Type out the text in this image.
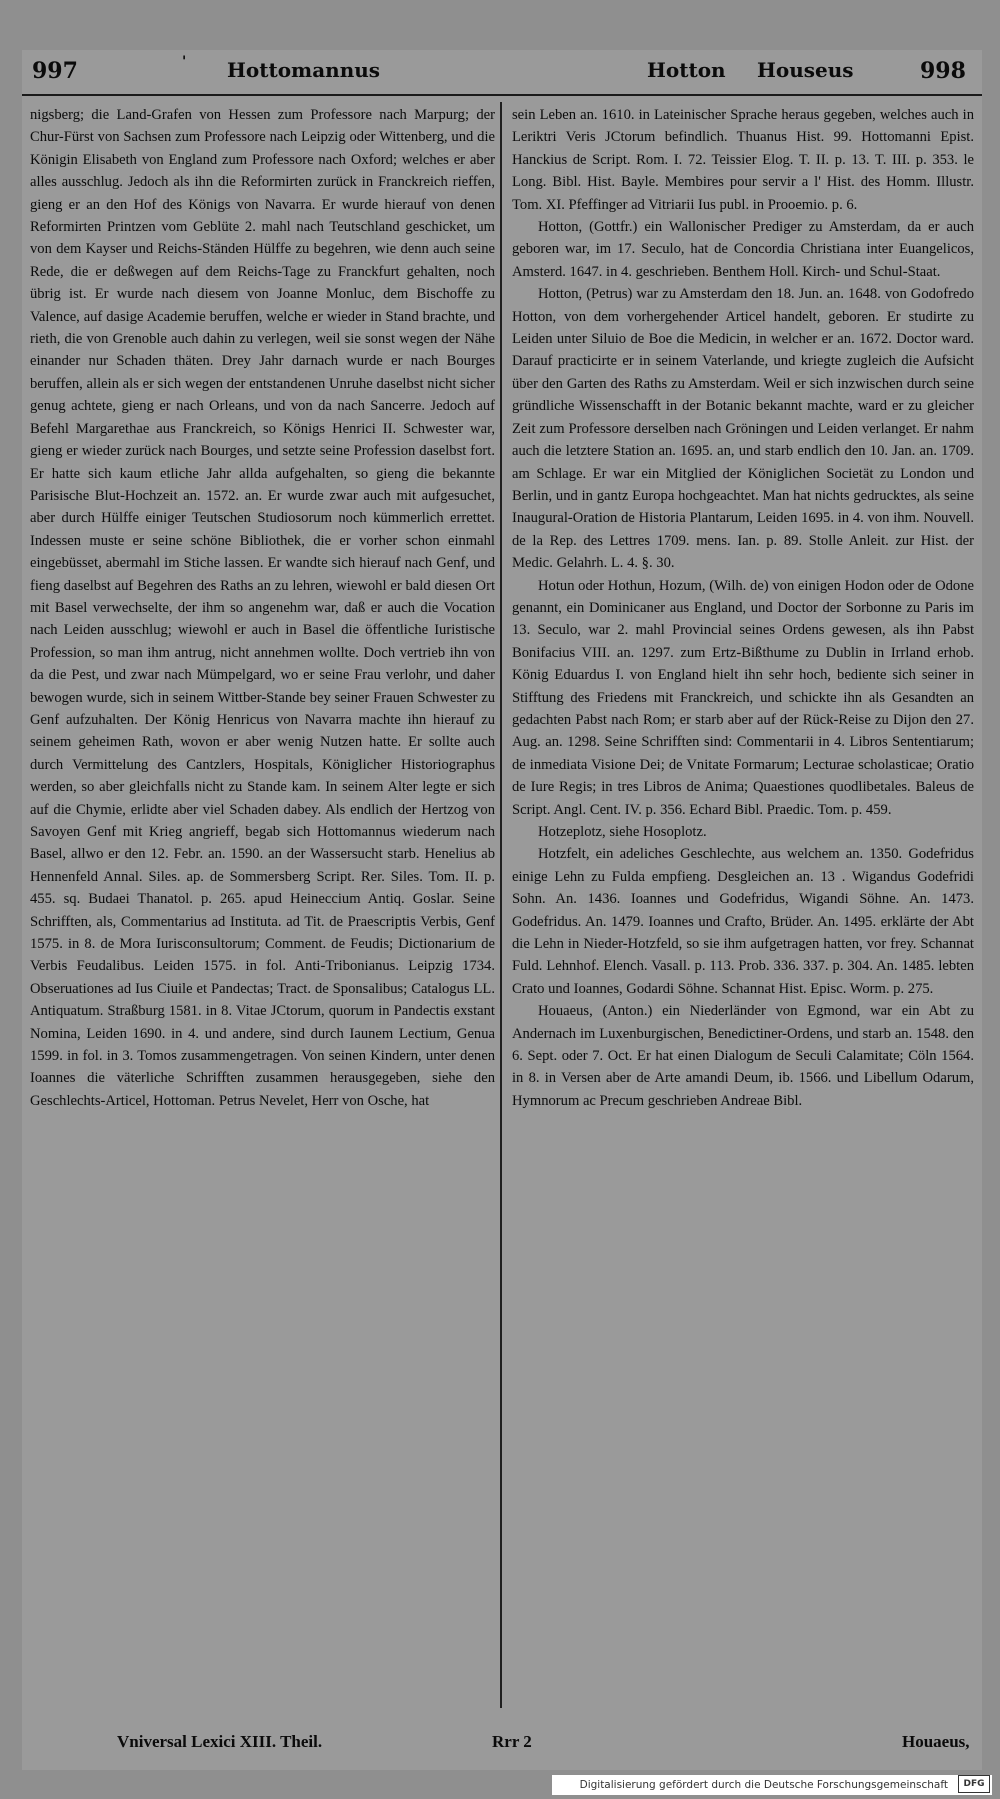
997	' Hottomannus	Hotton Houseus	998

nigsberg; die Land-Grafen von Hessen zum Professore nach Marpurg; der Chur-Fürst von Sachsen zum Professore nach Leipzig oder Wittenberg, und die Königin Elisabeth von England zum Professore nach Oxford; welches er aber alles ausschlug. Jedoch als ihn die Reformirten zurück in Franckreich rieffen, gieng er an den Hof des Königs von Navarra. Er wurde hierauf von denen Reformirten Printzen vom Geblüte 2. mahl nach Teutschland geschicket, um von dem Kayser und Reichs-Ständen Hülffe zu begehren, wie denn auch seine Rede, die er deßwegen auf dem Reichs-Tage zu Franckfurt gehalten, noch übrig ist. Er wurde nach diesem von Joanne Monluc, dem Bischoffe zu Valence, auf dasige Academie beruffen, welche er wieder in Stand brachte, und rieth, die von Grenoble auch dahin zu verlegen, weil sie sonst wegen der Nähe einander nur Schaden thäten. Drey Jahr darnach wurde er nach Bourges beruffen, allein als er sich wegen der entstandenen Unruhe daselbst nicht sicher genug achtete, gieng er nach Orleans, und von da nach Sancerre. Jedoch auf Befehl Margarethae aus Franckreich, so Königs Henrici II. Schwester war, gieng er wieder zurück nach Bourges, und setzte seine Profession daselbst fort. Er hatte sich kaum etliche Jahr allda aufgehalten, so gieng die bekannte Parisische Blut-Hochzeit an. 1572. an. Er wurde zwar auch mit aufgesuchet, aber durch Hülffe einiger Teutschen Studiosorum noch kümmerlich errettet. Indessen muste er seine schöne Bibliothek, die er vorher schon einmahl eingebüsset, abermahl im Stiche lassen. Er wandte sich hierauf nach Genf, und fieng daselbst auf Begehren des Raths an zu lehren, wiewohl er bald diesen Ort mit Basel verwechselte, der ihm so angenehm war, daß er auch die Vocation nach Leiden ausschlug; wiewohl er auch in Basel die öffentliche Iuristische Profession, so man ihm antrug, nicht annehmen wollte. Doch vertrieb ihn von da die Pest, und zwar nach Mümpelgard, wo er seine Frau verlohr, und daher bewogen wurde, sich in seinem Wittber-Stande bey seiner Frauen Schwester zu Genf aufzuhalten. Der König Henricus von Navarra machte ihn hierauf zu seinem geheimen Rath, wovon er aber wenig Nutzen hatte. Er sollte auch durch Vermittelung des Cantzlers, Hospitals, Königlicher Historiographus werden, so aber gleichfalls nicht zu Stande kam. In seinem Alter legte er sich auf die Chymie, erlidte aber viel Schaden dabey. Als endlich der Hertzog von Savoyen Genf mit Krieg angrieff, begab sich Hottomannus wiederum nach Basel, allwo er den 12. Febr. an. 1590. an der Wassersucht starb. Henelius ab Hennenfeld Annal. Siles. ap. de Sommersberg Script. Rer. Siles. Tom. II. p. 455. sq. Budaei Thanatol. p. 265. apud Heineccium Antiq. Goslar. Seine Schrifften, als, Commentarius ad Instituta. ad Tit. de Praescriptis Verbis, Genf 1575. in 8. de Mora Iurisconsultorum; Comment. de Feudis; Dictionarium de Verbis Feudalibus. Leiden 1575. in fol. Anti-Tribonianus. Leipzig 1734. Obseruationes ad Ius Ciuile et Pandectas; Tract. de Sponsalibus; Catalogus LL. Antiquatum. Straßburg 1581. in 8. Vitae JCtorum, quorum in Pandectis exstant Nomina, Leiden 1690. in 4. und andere, sind durch Iaunem Lectium, Genua 1599. in fol. in 3. Tomos zusammengetragen. Von seinen Kindern, unter denen Ioannes die väterliche Schrifften zusammen herausgegeben, siehe den Geschlechts-Articel, Hottoman. Petrus Nevelet, Herr von Osche, hat

sein Leben an. 1610. in Lateinischer Sprache heraus gegeben, welches auch in Leriktri Veris JCtorum befindlich. Thuanus Hist. 99. Hottomanni Epist. Hanckius de Script. Rom. I. 72. Teissier Elog. T. II. p. 13. T. III. p. 353. le Long. Bibl. Hist. Bayle. Membires pour servir a l' Hist. des Homm. Illustr. Tom. XI. Pfeffinger ad Vitriarii Ius publ. in Prooemio. p. 6.

Hotton, (Gottfr.) ein Wallonischer Prediger zu Amsterdam, da er auch geboren war, im 17. Seculo, hat de Concordia Christiana inter Euangelicos, Amsterd. 1647. in 4. geschrieben. Benthem Holl. Kirch- und Schul-Staat.

Hotton, (Petrus) war zu Amsterdam den 18. Jun. an. 1648. von Godofredo Hotton, von dem vorhergehender Articel handelt, geboren. Er studirte zu Leiden unter Siluio de Boe die Medicin, in welcher er an. 1672. Doctor ward. Darauf practicirte er in seinem Vaterlande, und kriegte zugleich die Aufsicht über den Garten des Raths zu Amsterdam. Weil er sich inzwischen durch seine gründliche Wissenschafft in der Botanic bekannt machte, ward er zu gleicher Zeit zum Professore derselben nach Gröningen und Leiden verlanget. Er nahm auch die letztere Station an. 1695. an, und starb endlich den 10. Jan. an. 1709. am Schlage. Er war ein Mitglied der Königlichen Societät zu London und Berlin, und in gantz Europa hochgeachtet. Man hat nichts gedrucktes, als seine Inaugural-Oration de Historia Plantarum, Leiden 1695. in 4. von ihm. Nouvell. de la Rep. des Lettres 1709. mens. Ian. p. 89. Stolle Anleit. zur Hist. der Medic. Gelahrh. L. 4. §. 30.

Hotun oder Hothun, Hozum, (Wilh. de) von einigen Hodon oder de Odone genannt, ein Dominicaner aus England, und Doctor der Sorbonne zu Paris im 13. Seculo, war 2. mahl Provincial seines Ordens gewesen, als ihn Pabst Bonifacius VIII. an. 1297. zum Ertz-Bißthume zu Dublin in Irrland erhob. König Eduardus I. von England hielt ihn sehr hoch, bediente sich seiner in Stifftung des Friedens mit Franckreich, und schickte ihn als Gesandten an gedachten Pabst nach Rom; er starb aber auf der Rück-Reise zu Dijon den 27. Aug. an. 1298. Seine Schrifften sind: Commentarii in 4. Libros Sententiarum; de inmediata Visione Dei; de Vnitate Formarum; Lecturae scholasticae; Oratio de Iure Regis; in tres Libros de Anima; Quaestiones quodlibetales. Baleus de Script. Angl. Cent. IV. p. 356. Echard Bibl. Praedic. Tom. p. 459.

Hotzeplotz, siehe Hosoplotz.

Hotzfelt, ein adeliches Geschlechte, aus welchem an. 1350. Godefridus einige Lehn zu Fulda empfieng. Desgleichen an. 13 . Wigandus Godefridi Sohn. An. 1436. Ioannes und Godefridus, Wigandi Söhne. An. 1473. Godefridus. An. 1479. Ioannes und Crafto, Brüder. An. 1495. erklärte der Abt die Lehn in Nieder-Hotzfeld, so sie ihm aufgetragen hatten, vor frey. Schannat Fuld. Lehnhof. Elench. Vasall. p. 113. Prob. 336. 337. p. 304. An. 1485. lebten Crato und Ioannes, Godardi Söhne. Schannat Hist. Episc. Worm. p. 275.

Houaeus, (Anton.) ein Niederländer von Egmond, war ein Abt zu Andernach im Luxenburgischen, Benedictiner-Ordens, und starb an. 1548. den 6. Sept. oder 7. Oct. Er hat einen Dialogum de Seculi Calamitate; Cöln 1564. in 8. in Versen aber de Arte amandi Deum, ib. 1566. und Libellum Odarum, Hymnorum ac Precum geschrieben Andreae Bibl.

Vniversal Lexici XIII. Theil.	Rrr 2	Houaeus,
Digitalisierung gefördert durch die Deutsche Forschungsgemeinschaft	DFG
